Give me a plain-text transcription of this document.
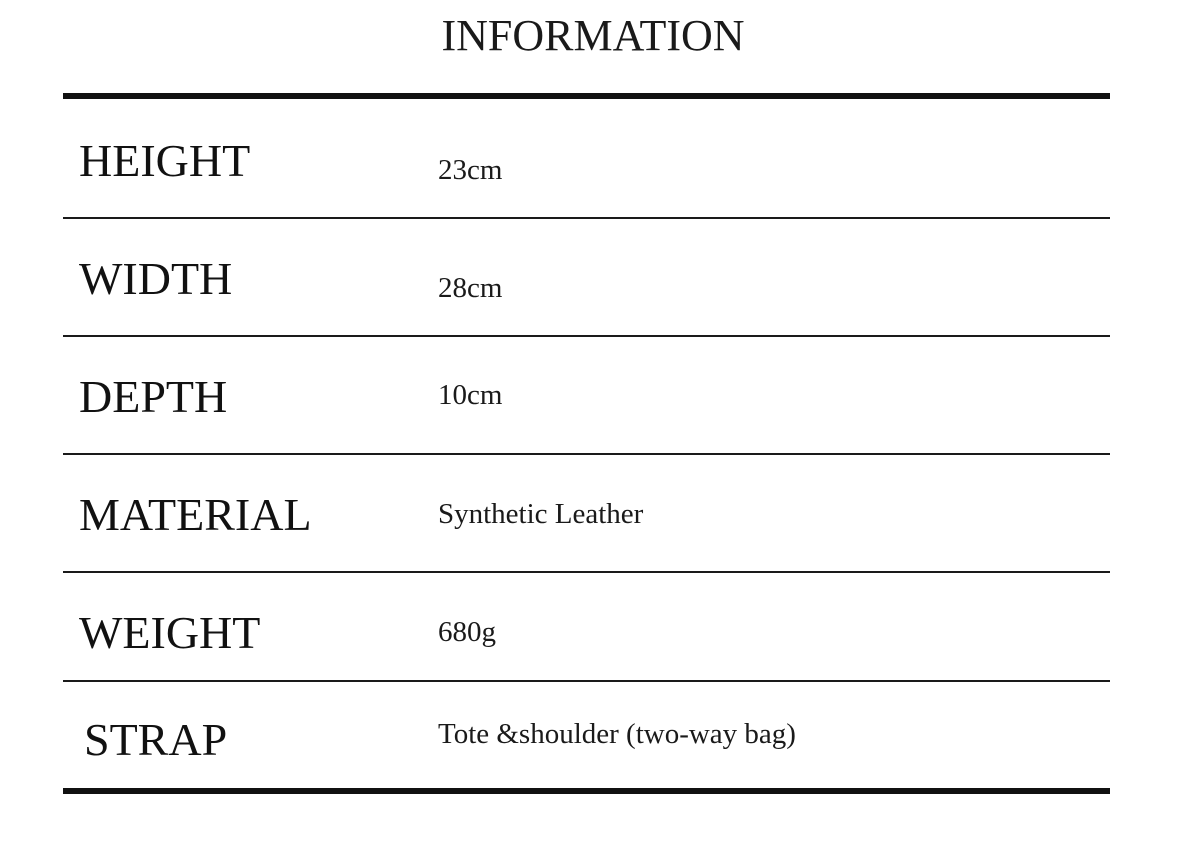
INFORMATION
HEIGHT	23cm
WIDTH	28cm
DEPTH	10cm
MATERIAL	Synthetic Leather
WEIGHT	680g
STRAP	Tote &shoulder (two-way bag)
